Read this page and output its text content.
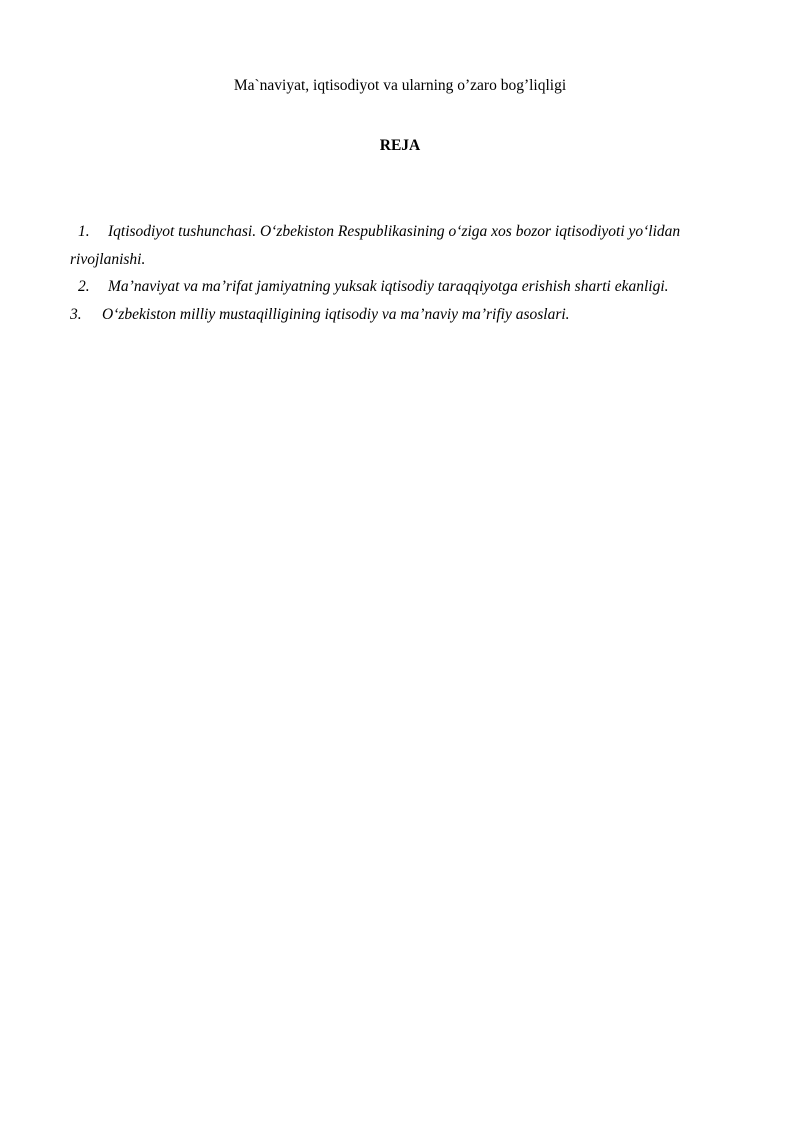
Ma`naviyat, iqtisodiyot va ularning o’zaro bog’liqligi
REJA
1. Iqtisodiyot tushunchasi. O‘zbekiston Respublikasining o‘ziga xos bozor iqtisodiyoti yo‘lidan
rivojlanishi.
2. Ma’naviyat va ma’rifat jamiyatning yuksak iqtisodiy taraqqiyotga erishish sharti ekanligi.
3. O‘zbekiston milliy mustaqilligining iqtisodiy va ma’naviy ma’rifiy asoslari.
